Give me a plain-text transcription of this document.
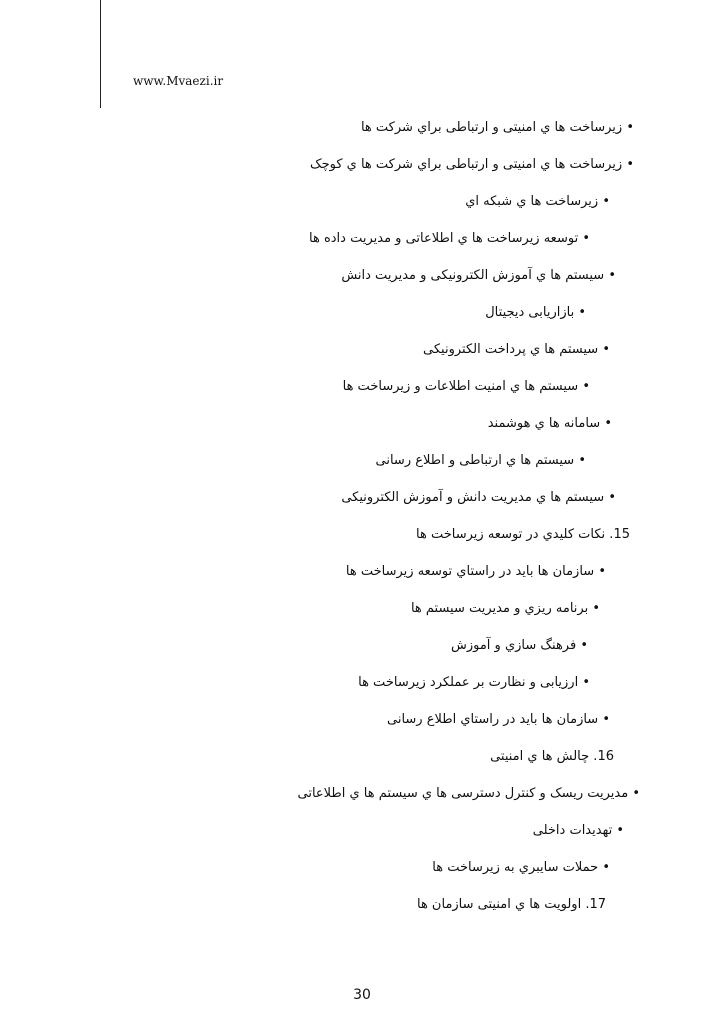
www.Mvaezi.ir
• زیرساخت ها ي امنیتی و ارتباطی براي شرکت ها
• زیرساخت ها ي امنیتی و ارتباطی براي شرکت ها ي کوچک
• زیرساخت ها ي شبکه اي
• توسعه زیرساخت ها ي اطلاعاتی و مدیریت داده ها
• سیستم ها ي آموزش الکترونیکی و مدیریت دانش
• بازاریابی دیجیتال
• سیستم ها ي پرداخت الکترونیکی
• سیستم ها ي امنیت اطلاعات و زیرساخت ها
• سامانه ها ي هوشمند
• سیستم ها ي ارتباطی و اطلاع رسانی
• سیستم ها ي مدیریت دانش و آموزش الکترونیکی
15. نکات کلیدي در توسعه زیرساخت ها
• سازمان ها باید در راستاي توسعه زیرساخت ها
• برنامه ریزي و مدیریت سیستم ها
• فرهنگ سازي و آموزش
• ارزیابی و نظارت بر عملکرد زیرساخت ها
• سازمان ها باید در راستاي اطلاع رسانی
16. چالش ها ي امنیتی
• مدیریت ریسک و کنترل دسترسی ها ي سیستم ها ي اطلاعاتی
• تهدیدات داخلی
• حملات سایبري به زیرساخت ها
17. اولویت ها ي امنیتی سازمان ها
30
